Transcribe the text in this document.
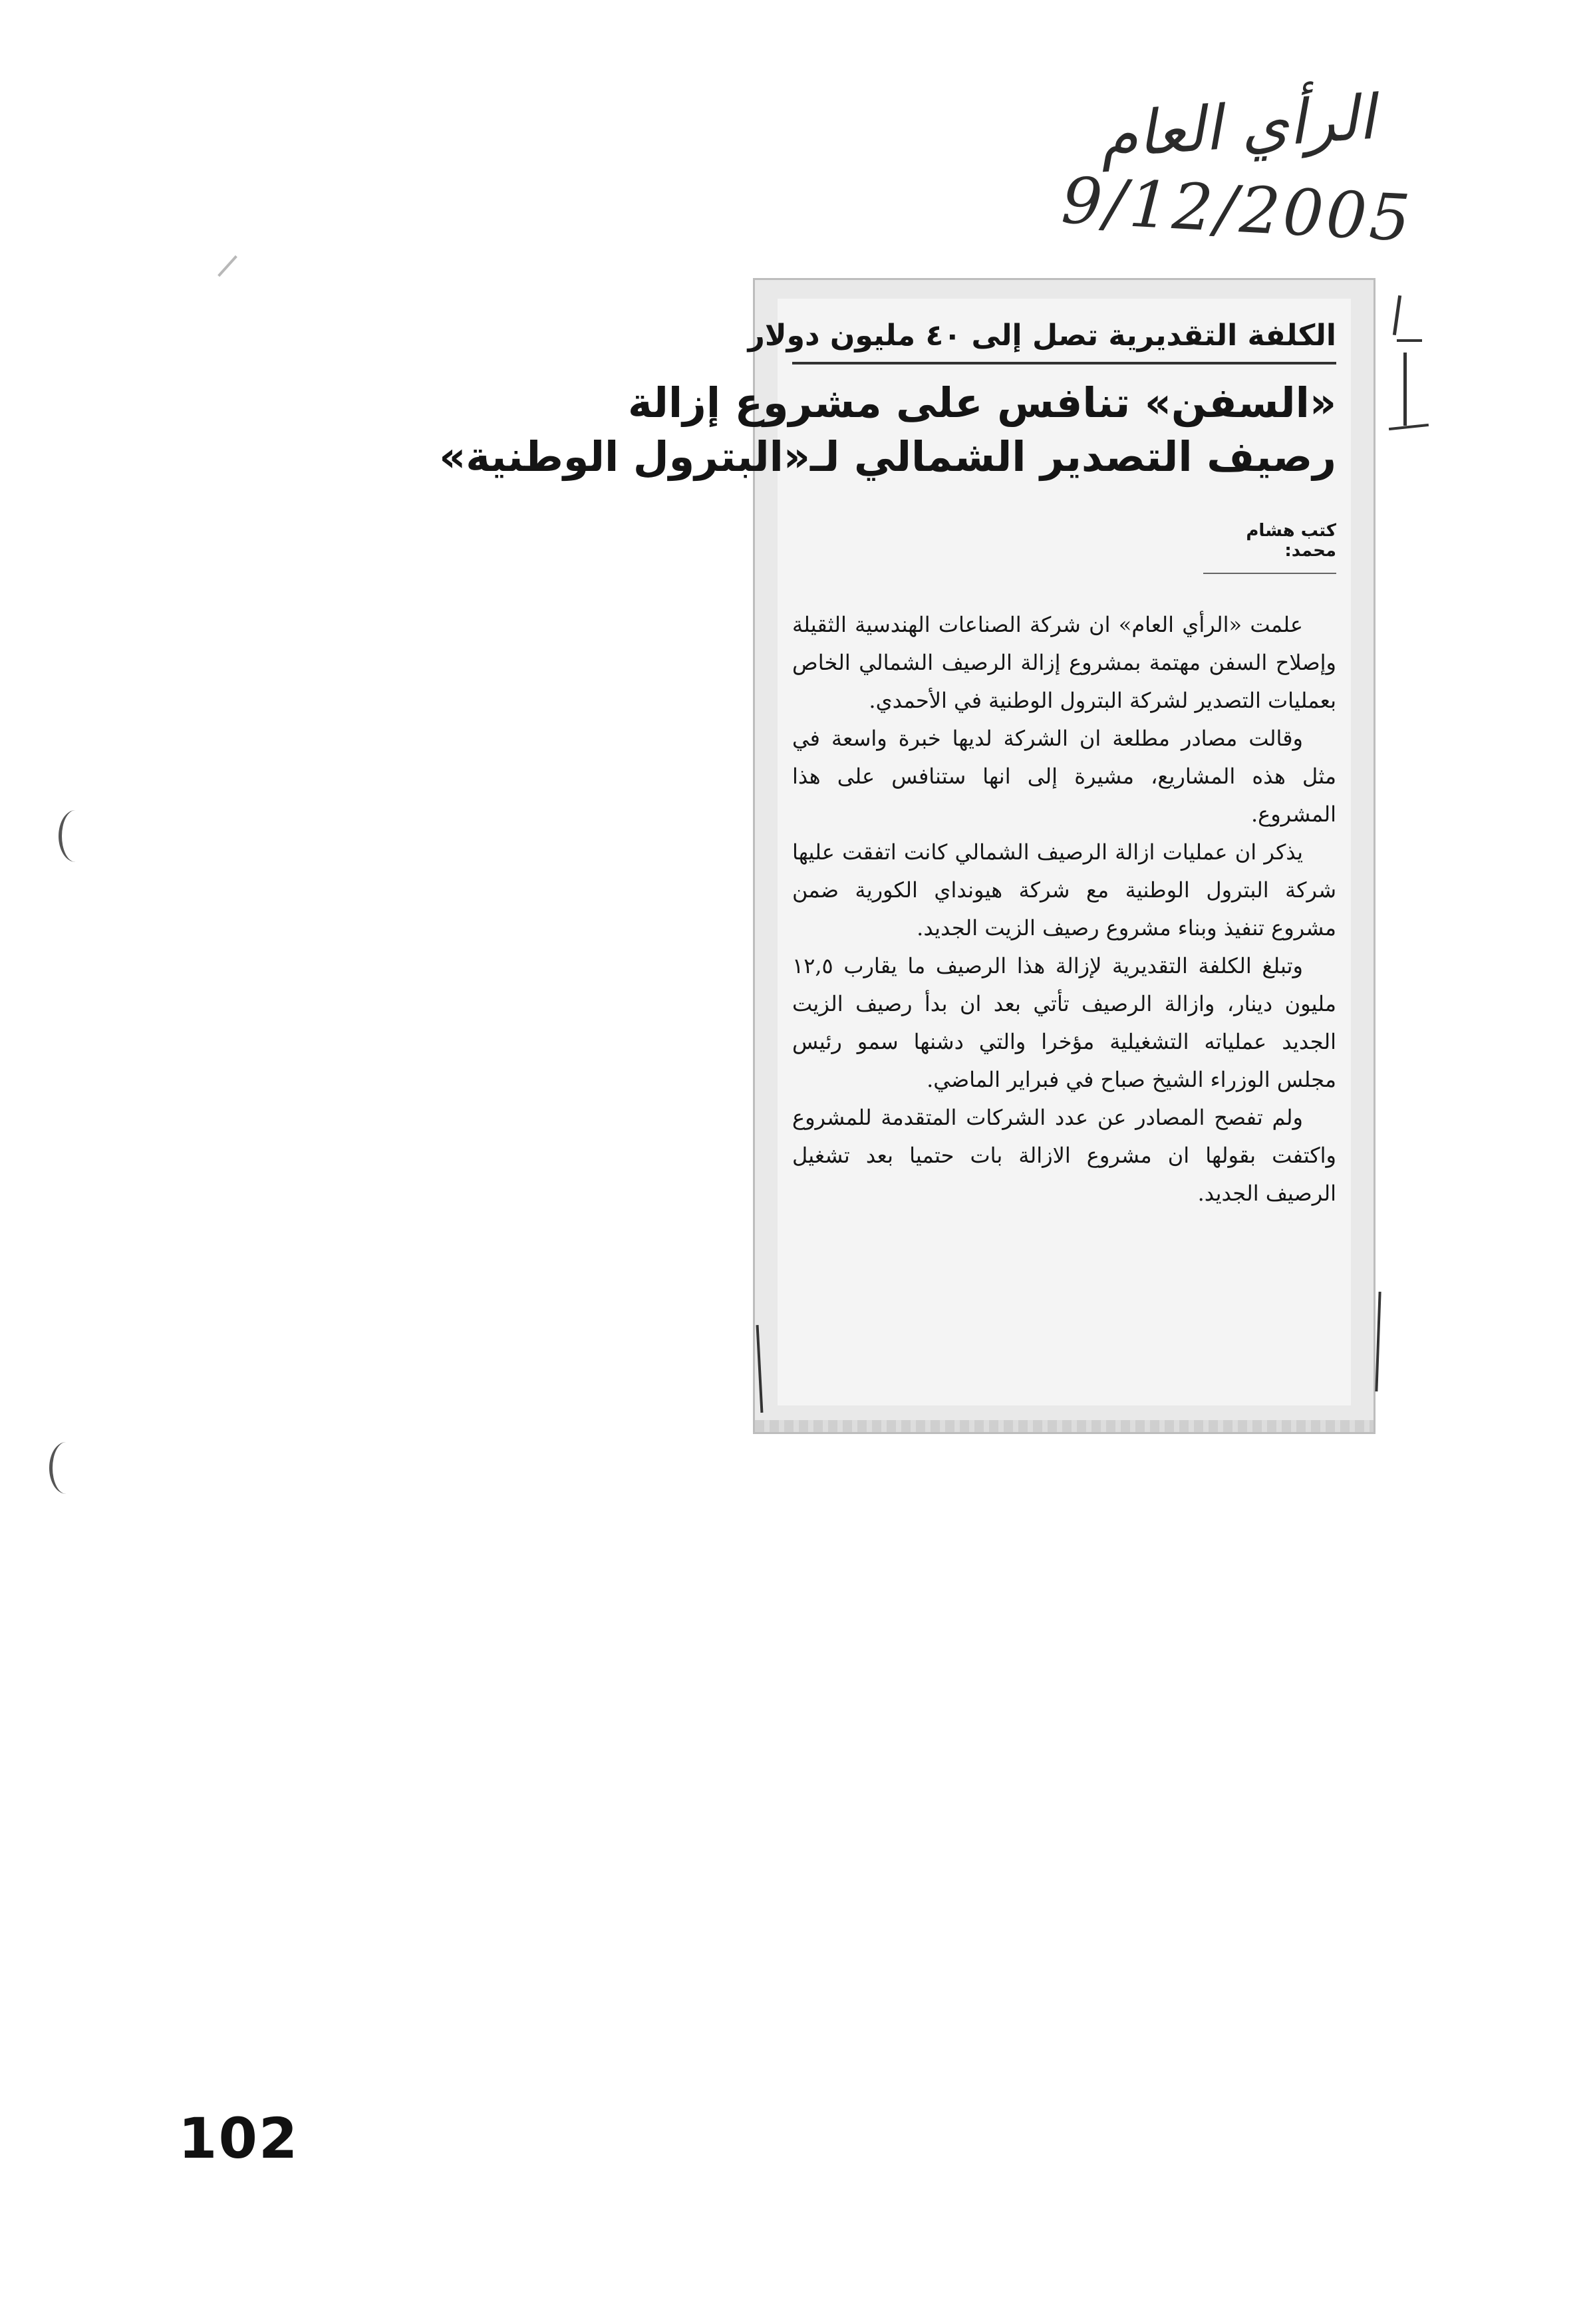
الرأي العام
9/12/2005
الكلفة التقديرية تصل إلى ٤٠ مليون دولار
«السفن» تنافس على مشروع إزالة
رصيف التصدير الشمالي لـ«البترول الوطنية»
كتب هشام محمد:

علمت «الرأي العام» ان شركة الصناعات الهندسية الثقيلة وإصلاح السفن مهتمة بمشروع إزالة الرصيف الشمالي الخاص بعمليات التصدير لشركة البترول الوطنية في الأحمدي.

وقالت مصادر مطلعة ان الشركة لديها خبرة واسعة في مثل هذه المشاريع، مشيرة إلى انها ستنافس على هذا المشروع.

يذكر ان عمليات ازالة الرصيف الشمالي كانت اتفقت عليها شركة البترول الوطنية مع شركة هيونداي الكورية ضمن مشروع تنفيذ وبناء مشروع رصيف الزيت الجديد.

وتبلغ الكلفة التقديرية لإزالة هذا الرصيف ما يقارب ١٢,٥ مليون دينار، وازالة الرصيف تأتي بعد ان بدأ رصيف الزيت الجديد عملياته التشغيلية مؤخرا والتي دشنها سمو رئيس مجلس الوزراء الشيخ صباح في فبراير الماضي.

ولم تفصح المصادر عن عدد الشركات المتقدمة للمشروع واكتفت بقولها ان مشروع الازالة بات حتميا بعد تشغيل الرصيف الجديد.

102
